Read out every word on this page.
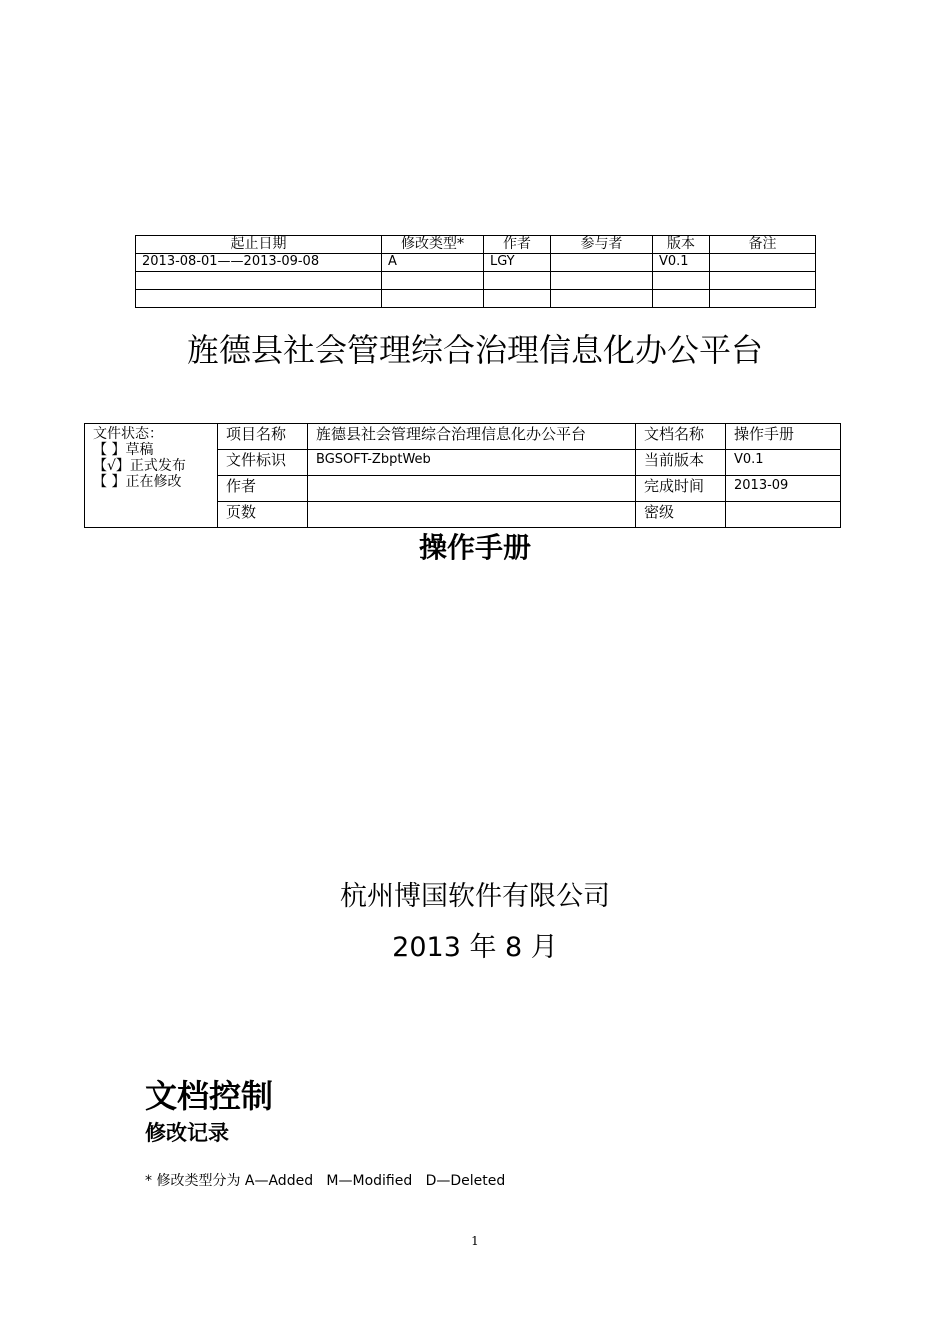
起止日期	修改类型*	作者	参与者	版本	备注
2013-08-01——2013-09-08	A	LGY		V0.1	

旌德县社会管理综合治理信息化办公平台
文件状态：
【 】草稿
【√】正式发布
【 】正在修改	项目名称	旌德县社会管理综合治理信息化办公平台	文档名称	操作手册
	文件标识	BGSOFT-ZbptWeb	当前版本	V0.1
	作者		完成时间	2013-09
	页数		密级	
操作手册
杭州博国软件有限公司
2013 年 8 月
文档控制
修改记录
* 修改类型分为 A—Added   M—Modified   D—Deleted
1
